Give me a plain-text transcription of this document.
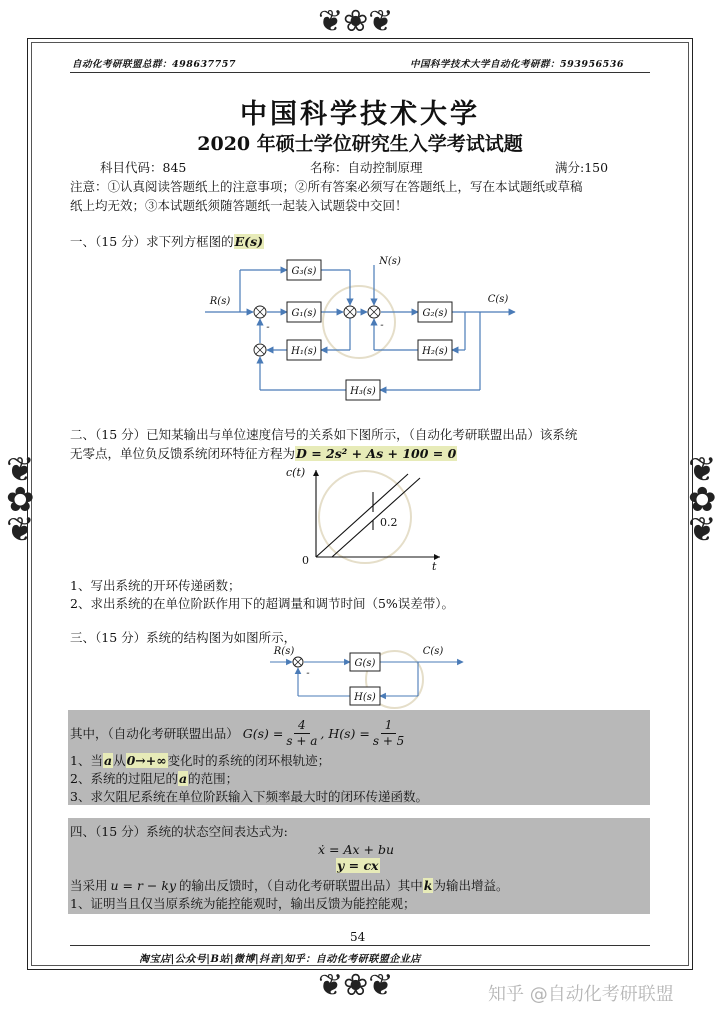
❦❀❦
❦❀❦
❦
✿
❦
❦
✿
❦
自动化考研联盟总群：498637757	中国科学技术大学自动化考研群：593956536
中国科学技术大学
2020 年硕士学位研究生入学考试试题
科目代码：845	名称：自动控制原理	满分:150
注意：①认真阅读答题纸上的注意事项；②所有答案必须写在答题纸上，写在本试题纸或草稿
纸上均无效；③本试题纸须随答题纸一起装入试题袋中交回！
一、（15 分）求下列方框图的E(s)
G₃(s)
G₁(s)	G₂(s)
H₁(s)	H₂(s)
H₃(s)
R(s)	C(s)
N(s)
-	-
二、（15 分）已知某输出与单位速度信号的关系如下图所示，（自动化考研联盟出品）该系统
无零点，单位负反馈系统闭环特征方程为D = 2s² + As + 100 = 0
c(t)
t
0
0.2
1、写出系统的开环传递函数；
2、求出系统的在单位阶跃作用下的超调量和调节时间（5%误差带）。
三、（15 分）系统的结构图为如图所示，
G(s)
H(s)
R(s)	C(s)
-
其中，（自动化考研联盟出品） $G(s) = \frac{4}{s + a}$ , $H(s) = \frac{1}{s + 5}$
1、当a从0→+∞变化时的系统的闭环根轨迹；
2、系统的过阻尼的a的范围；
3、求欠阻尼系统在单位阶跃输入下频率最大时的闭环传递函数。
四、（15 分）系统的状态空间表达式为:
ẋ = Ax + bu
y = cx
当采用 u = r − ky 的输出反馈时，（自动化考研联盟出品）其中k为输出增益。
1、证明当且仅当原系统为能控能观时，输出反馈为能控能观；
54
淘宝店|公众号|B站|微博|抖音|知乎：自动化考研联盟企业店
知乎 @自动化考研联盟
